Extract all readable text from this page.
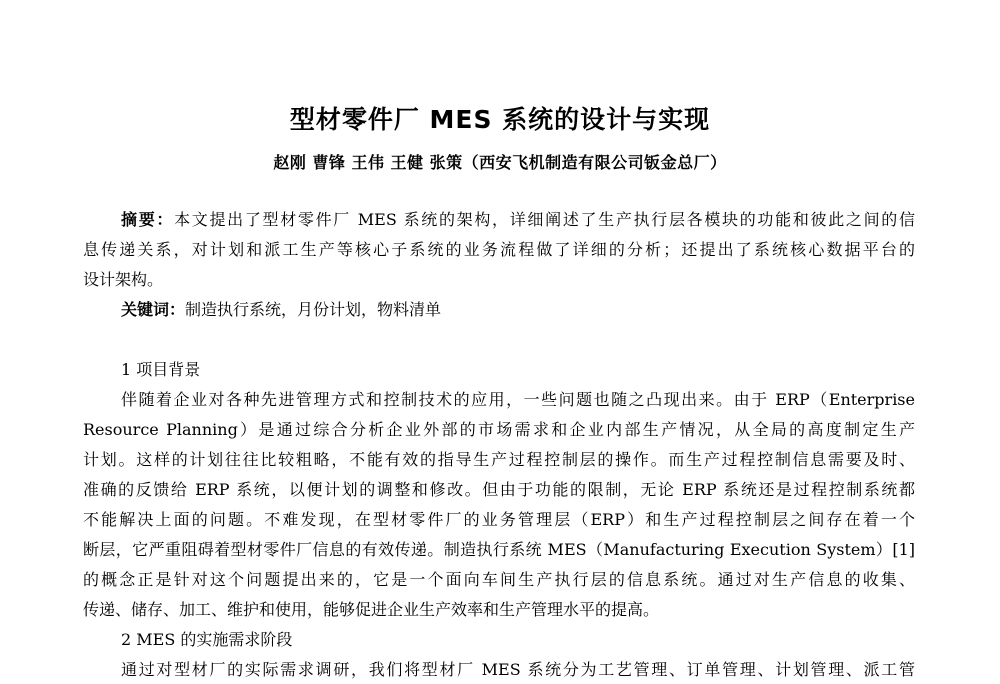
型材零件厂 MES 系统的设计与实现
赵刚 曹锋 王伟 王健 张策（西安飞机制造有限公司钣金总厂）
摘要：本文提出了型材零件厂 MES 系统的架构，详细阐述了生产执行层各模块的功能和彼此之间的信
息传递关系，对计划和派工生产等核心子系统的业务流程做了详细的分析；还提出了系统核心数据平台的
设计架构。
关键词：制造执行系统，月份计划，物料清单
1 项目背景
伴随着企业对各种先进管理方式和控制技术的应用，一些问题也随之凸现出来。由于 ERP（Enterprise
Resource Planning）是通过综合分析企业外部的市场需求和企业内部生产情况，从全局的高度制定生产
计划。这样的计划往往比较粗略，不能有效的指导生产过程控制层的操作。而生产过程控制信息需要及时、
准确的反馈给 ERP 系统，以便计划的调整和修改。但由于功能的限制，无论 ERP 系统还是过程控制系统都
不能解决上面的问题。不难发现，在型材零件厂的业务管理层（ERP）和生产过程控制层之间存在着一个
断层，它严重阻碍着型材零件厂信息的有效传递。制造执行系统 MES（Manufacturing Execution System）[1]
的概念正是针对这个问题提出来的，它是一个面向车间生产执行层的信息系统。通过对生产信息的收集、
传递、储存、加工、维护和使用，能够促进企业生产效率和生产管理水平的提高。
2 MES 的实施需求阶段
通过对型材厂的实际需求调研，我们将型材厂 MES 系统分为工艺管理、订单管理、计划管理、派工管
